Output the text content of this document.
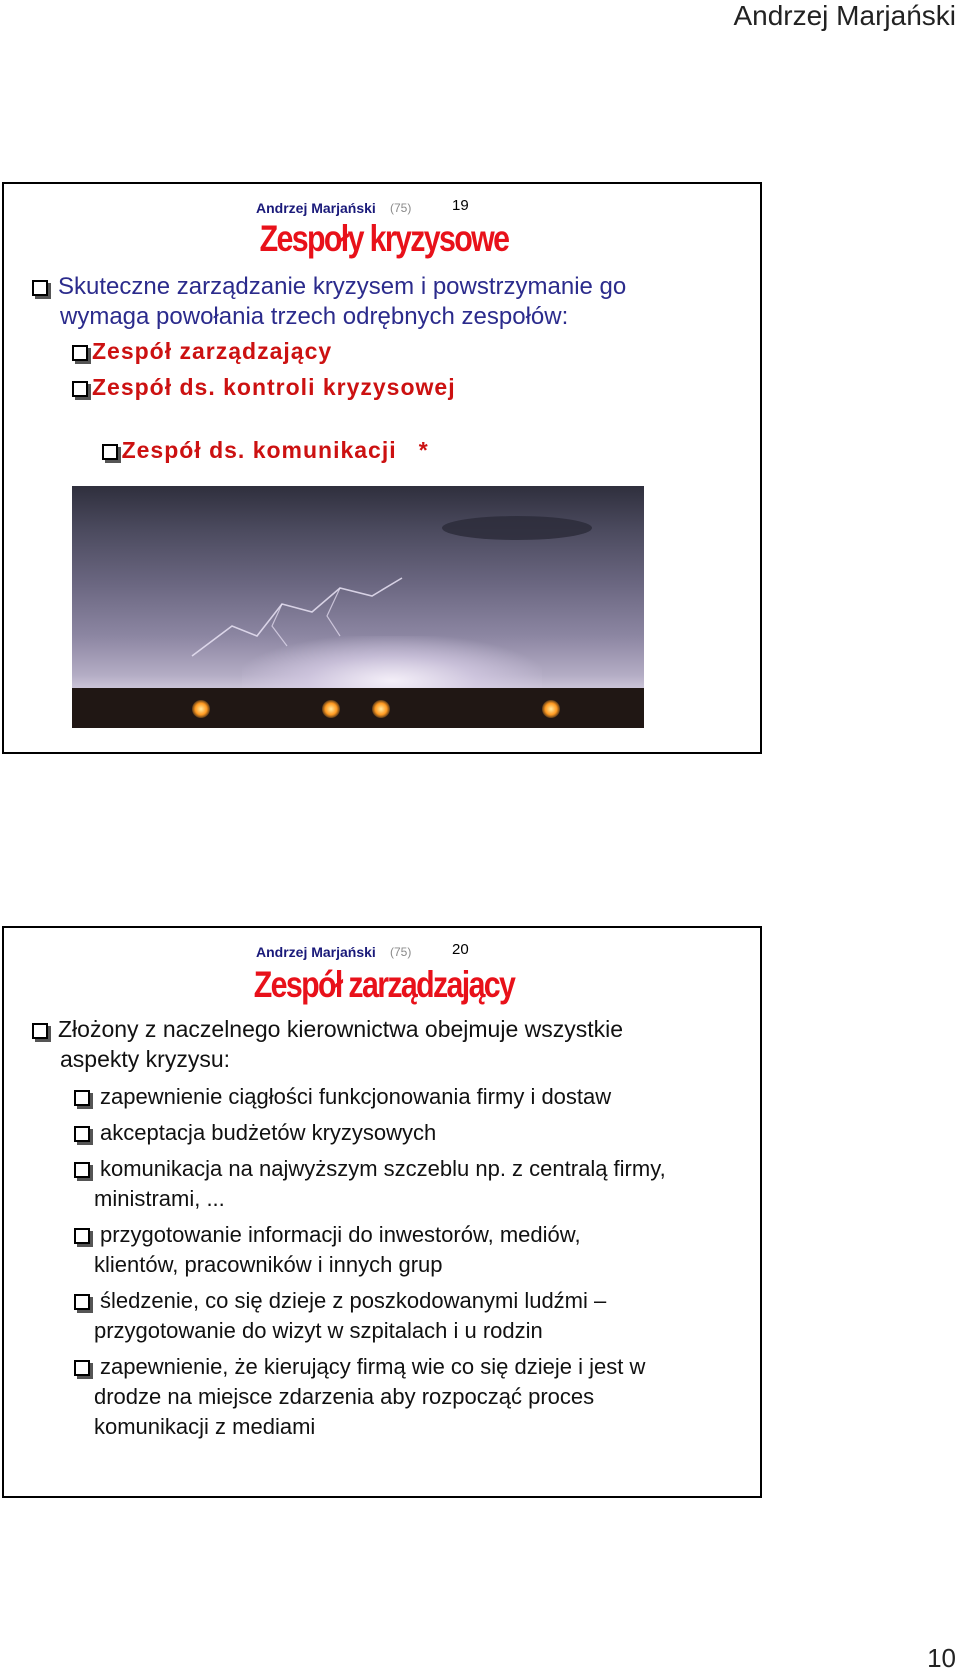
Andrzej Marjański
Andrzej Marjański (75)	19
Zespoły kryzysowe
Skuteczne zarządzanie kryzysem i powstrzymanie go
wymaga powołania trzech odrębnych zespołów:
Zespół zarządzający
Zespół ds. kontroli kryzysowej

Zespół ds. komunikacji   *

Andrzej Marjański (75)	20
Zespół zarządzający
Złożony z naczelnego kierownictwa obejmuje wszystkie
aspekty kryzysu:
zapewnienie ciągłości funkcjonowania firmy i dostaw
akceptacja budżetów kryzysowych
komunikacja na najwyższym szczeblu np. z centralą firmy,
ministrami, ...
przygotowanie informacji do inwestorów, mediów,
klientów, pracowników i innych grup
śledzenie, co się dzieje z poszkodowanymi ludźmi –
przygotowanie do wizyt w szpitalach i u rodzin
zapewnienie, że kierujący firmą wie co się dzieje i jest w
drodze na miejsce zdarzenia aby rozpocząć proces
komunikacji z mediami
10
